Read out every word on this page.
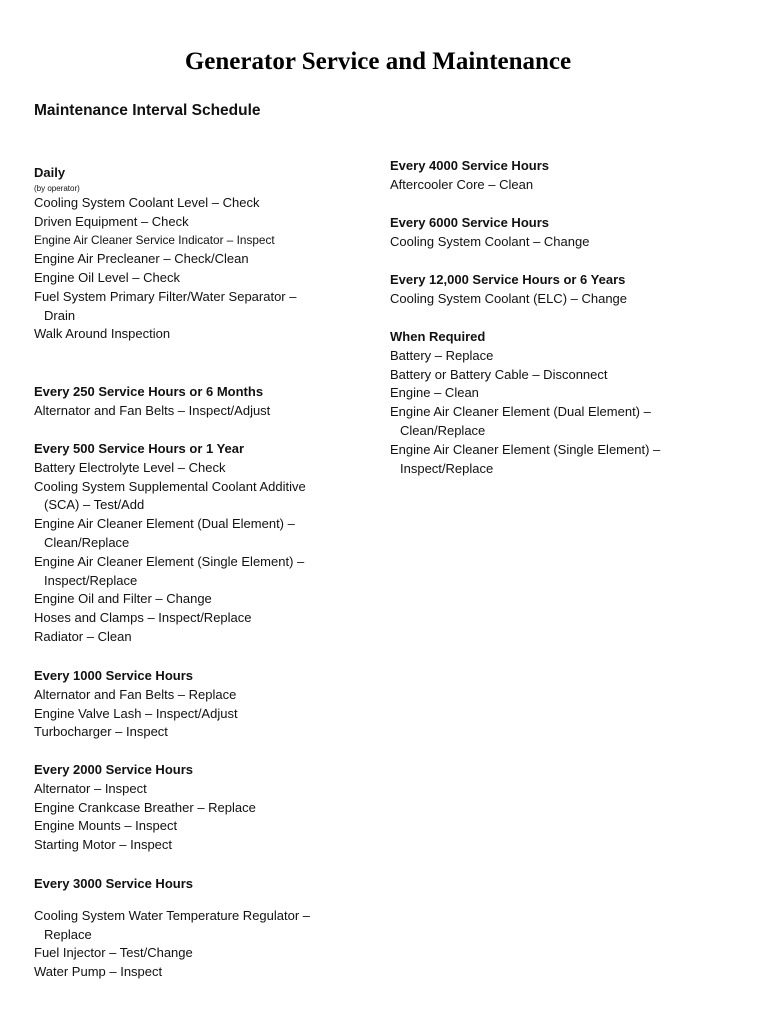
Generator Service and Maintenance
Maintenance Interval Schedule
Daily
(by operator)
Cooling System Coolant Level – Check
Driven Equipment – Check
Engine Air Cleaner Service Indicator – Inspect
Engine Air Precleaner – Check/Clean
Engine Oil Level – Check
Fuel System Primary Filter/Water Separator –
Drain
Walk Around Inspection
Every 250 Service Hours or 6 Months
Alternator and Fan Belts – Inspect/Adjust
Every 500 Service Hours or 1 Year
Battery Electrolyte Level – Check
Cooling System Supplemental Coolant Additive
(SCA) – Test/Add
Engine Air Cleaner Element (Dual Element) –
Clean/Replace
Engine Air Cleaner Element (Single Element) –
Inspect/Replace
Engine Oil and Filter – Change
Hoses and Clamps – Inspect/Replace
Radiator – Clean
Every 1000 Service Hours
Alternator and Fan Belts – Replace
Engine Valve Lash – Inspect/Adjust
Turbocharger – Inspect
Every 2000 Service Hours
Alternator – Inspect
Engine Crankcase Breather – Replace
Engine Mounts – Inspect
Starting Motor – Inspect
Every 3000 Service Hours
Cooling System Water Temperature Regulator –
Replace
Fuel Injector – Test/Change
Water Pump – Inspect
Every 4000 Service Hours
Aftercooler Core – Clean
Every 6000 Service Hours
Cooling System Coolant – Change
Every 12,000 Service Hours or 6 Years
Cooling System Coolant (ELC) – Change
When Required
Battery – Replace
Battery or Battery Cable – Disconnect
Engine – Clean
Engine Air Cleaner Element (Dual Element) –
Clean/Replace
Engine Air Cleaner Element (Single Element) –
Inspect/Replace
